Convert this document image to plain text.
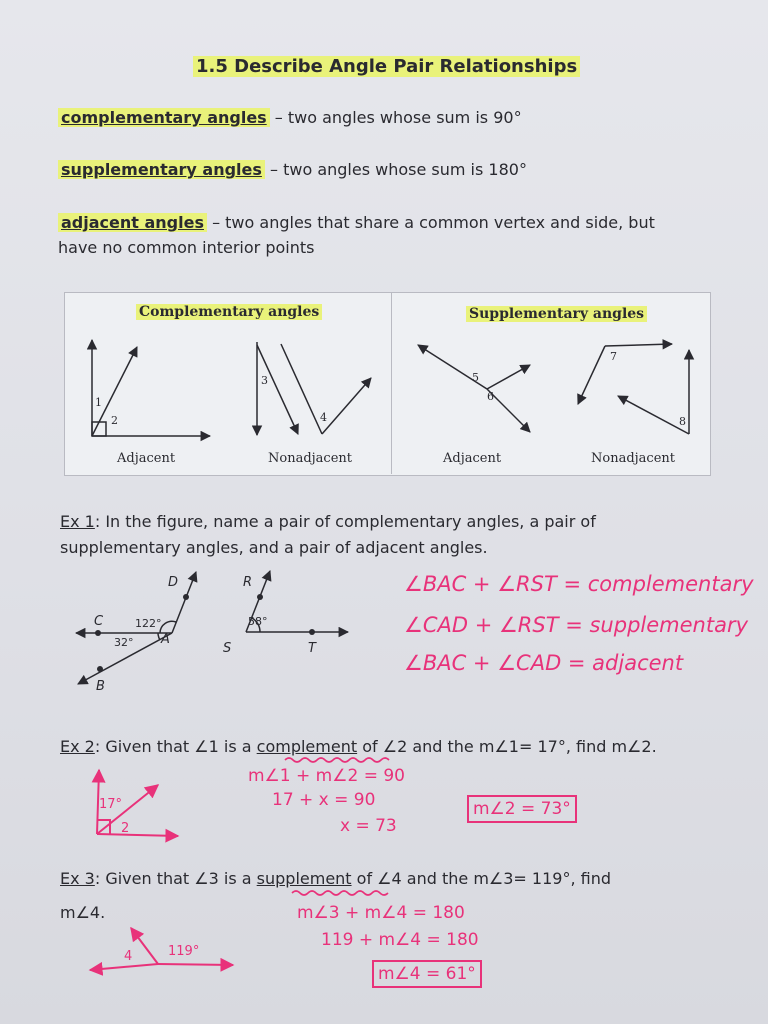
1.5 Describe Angle Pair Relationships
complementary angles – two angles whose sum is 90°
supplementary angles – two angles whose sum is 180°
adjacent angles – two angles that share a common vertex and side, but
have no common interior points
Complementary angles	Supplementary angles
Adjacent	Nonadjacent	Adjacent	Nonadjacent
1
2
3
4
5
6
7
8
D
C
A
B
R
S	T
122°
32°
58°
17°
2
4	119°
Ex 1: In the figure, name a pair of complementary angles, a pair of
supplementary angles, and a pair of adjacent angles.
∠BAC + ∠RST = complementary
∠CAD + ∠RST = supplementary
∠BAC + ∠CAD = adjacent
Ex 2: Given that ∠1 is a complement of ∠2 and the m∠1= 17°, find m∠2.
m∠1 + m∠2 = 90
17 + x = 90
x = 73
m∠2 = 73°
Ex 3: Given that ∠3 is a supplement of ∠4 and the m∠3= 119°, find
m∠4.	m∠3 + m∠4 = 180
119 + m∠4 = 180
m∠4 = 61°
